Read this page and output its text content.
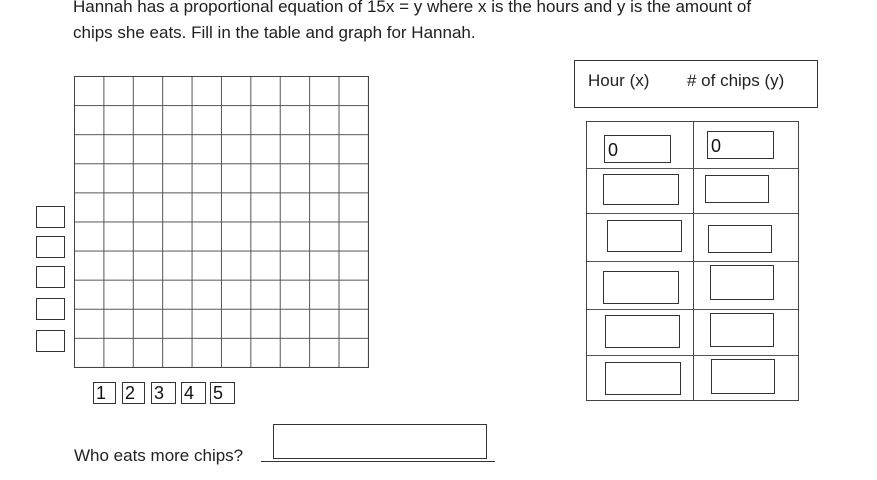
Hannah has a proportional equation of 15x = y where x is the hours and y is the amount of
chips she eats. Fill in the table and graph for Hannah.
1	2	3	4	5
Hour (x) # of chips (y)
0	0
Who eats more chips?
